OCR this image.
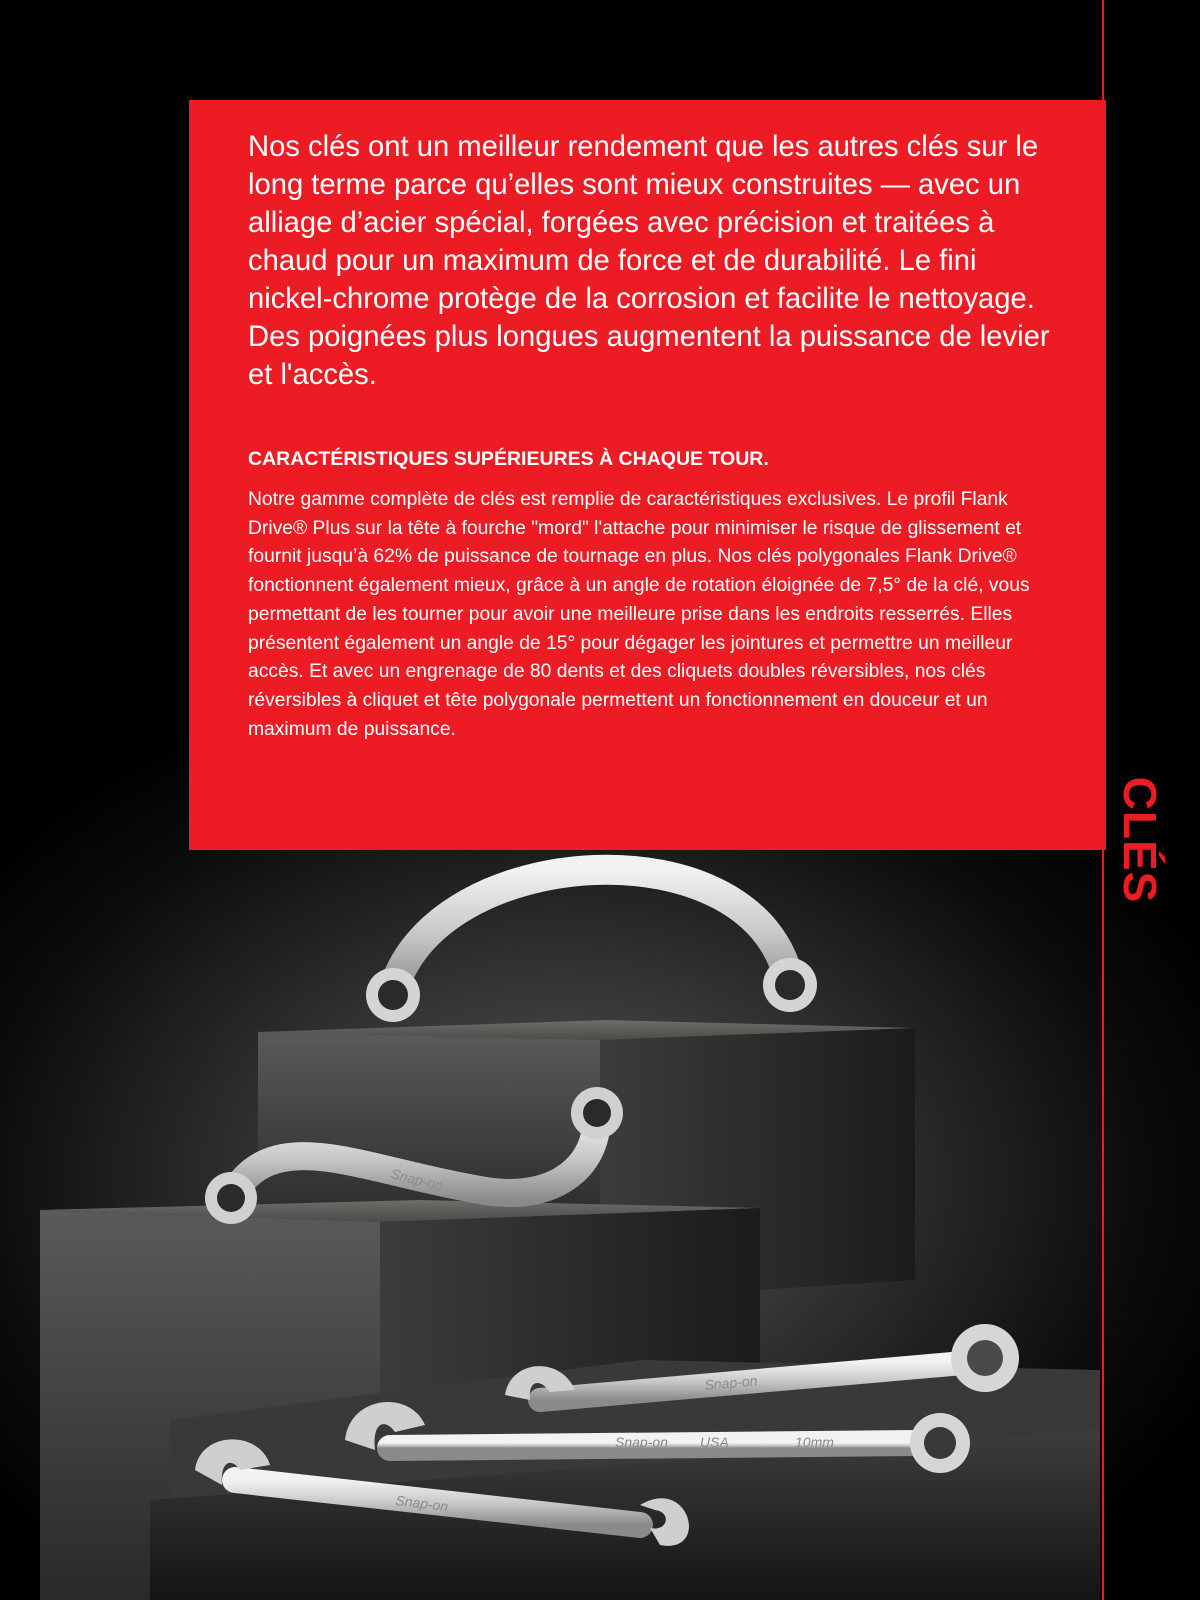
Snap-on
Snap-on
Snap-on USA	10mm
Snap-on

Nos clés ont un meilleur rendement que les autres clés sur le long terme parce qu’elles sont mieux construites — avec un alliage d’acier spécial, forgées avec précision et traitées à chaud pour un maximum de force et de durabilité. Le fini nickel-chrome protège de la corrosion et facilite le nettoyage. Des poignées plus longues augmentent la puissance de levier et l'accès.

CARACTÉRISTIQUES SUPÉRIEURES À CHAQUE TOUR.

Notre gamme complète de clés est remplie de caractéristiques exclusives. Le profil Flank Drive® Plus sur la tête à fourche "mord" l'attache pour minimiser le risque de glissement et fournit jusqu’à 62% de puissance de tournage en plus. Nos clés polygonales Flank Drive® fonctionnent également mieux, grâce à un angle de rotation éloignée de 7,5° de la clé, vous permettant de les tourner pour avoir une meilleure prise dans les endroits resserrés. Elles présentent également un angle de 15° pour dégager les jointures et permettre un meilleur accès. Et avec un engrenage de 80 dents et des cliquets doubles réversibles, nos clés réversibles à cliquet et tête polygonale permettent un fonctionnement en douceur et un maximum de puissance.

CLÉS
